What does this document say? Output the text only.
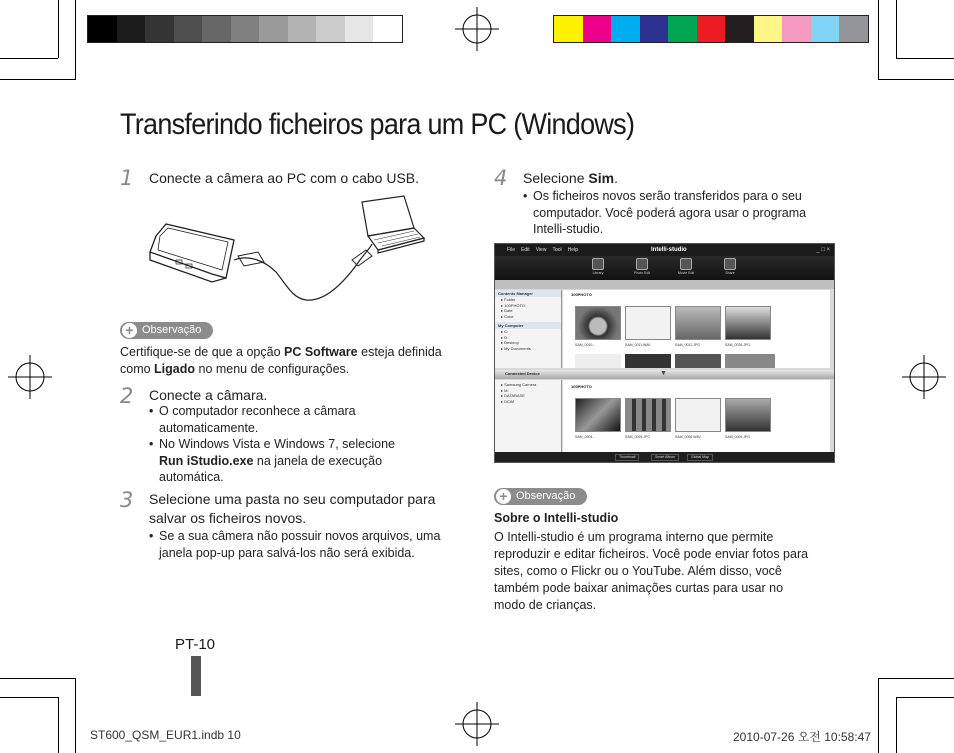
Transferindo ficheiros para um PC (Windows)
1 Conecte a câmera ao PC com o cabo USB.
+ Observação
Certifique-se de que a opção PC Software esteja definida
como Ligado no menu de configurações.
2 Conecte a câmara.
• O computador reconhece a câmara
automaticamente.
• No Windows Vista e Windows 7, selecione
Run iStudio.exe na janela de execução
automática.
3 Selecione uma pasta no seu computador para
salvar os ficheiros novos.
• Se a sua câmera não possuir novos arquivos, uma
janela pop-up para salvá-los não será exibida.
PT-10
4 Selecione Sim.
• Os ficheiros novos serão transferidos para o seu
computador. Você poderá agora usar o programa
Intelli-studio.
File Edit View Tool Help	Intelli-studio	_ □ ×
Library	Photo Edit	Movie Edit	Share
Contents Manager
▸ Folder
▸ 100PHOTO
▸ Date
▸ Color
My Computer
▸ C:
▸ D:
▸ Desktop
▸ My Documents
100PHOTO
SAM_0010...	SAM_0011.WAV	SAM_0012.JPG	SAM_0026.JPG
Connected Device	▼
▸ Samsung Camera
▸ M:
▸ DATABASE
▸ DCIM
100PHOTO
SAM_0004...	SAM_0005.JPG	SAM_0006.WAV	SAM_0009.JPG
Thumbnail	Smart Album	Global Map
+ Observação
Sobre o Intelli-studio
O Intelli-studio é um programa interno que permite
reproduzir e editar ficheiros. Você pode enviar fotos para
sites, como o Flickr ou o YouTube. Além disso, você
também pode baixar animações curtas para usar no
modo de crianças.
ST600_QSM_EUR1.indb 10	2010-07-26 오전 10:58:47
